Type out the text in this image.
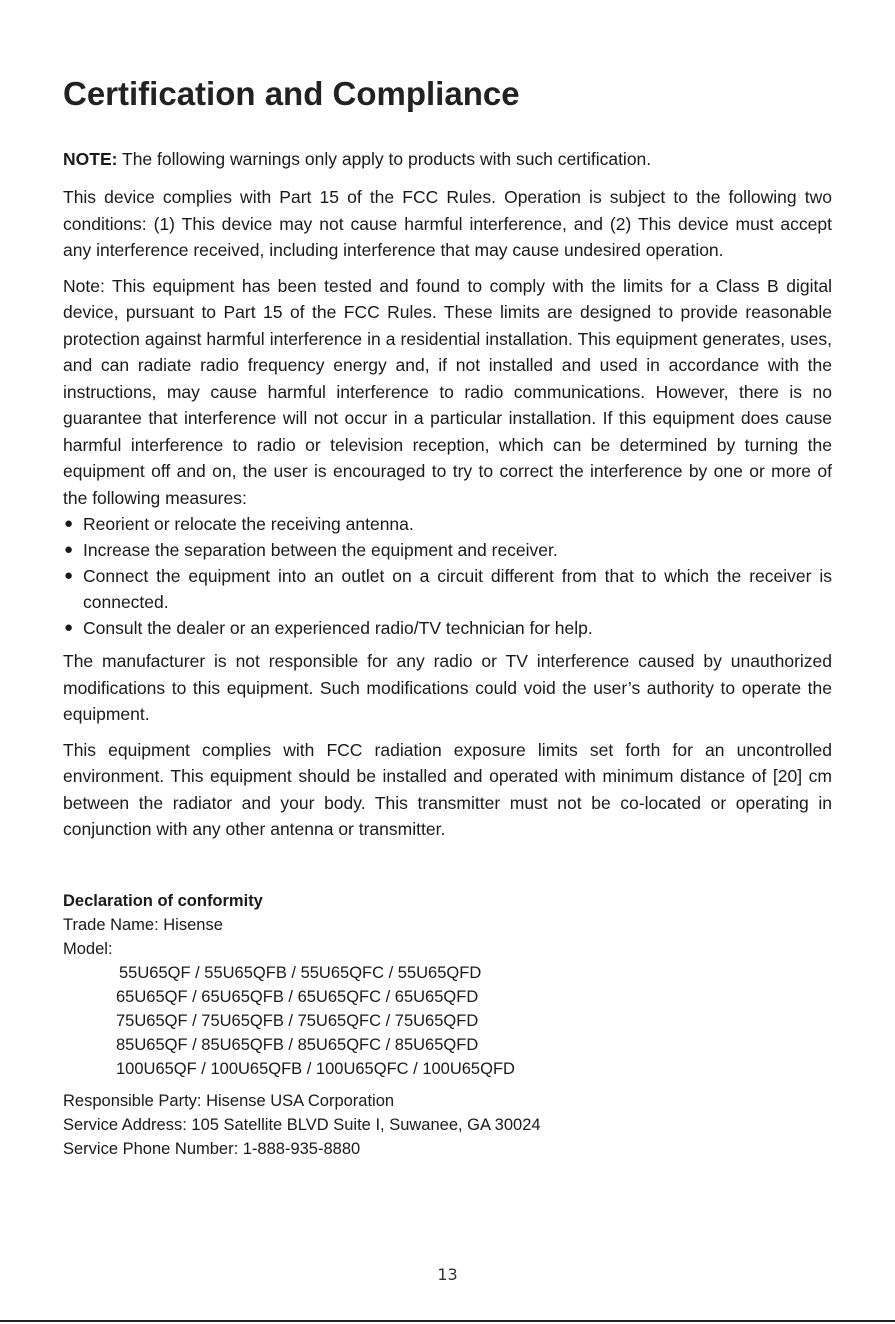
Certification and Compliance

NOTE: The following warnings only apply to products with such certification.

This device complies with Part 15 of the FCC Rules. Operation is subject to the following two conditions: (1) This device may not cause harmful interference, and (2) This device must accept any interference received, including interference that may cause undesired operation.

Note: This equipment has been tested and found to comply with the limits for a Class B digital device, pursuant to Part 15 of the FCC Rules. These limits are designed to provide reasonable protection against harmful interference in a residential installation. This equipment generates, uses, and can radiate radio frequency energy and, if not installed and used in accordance with the instructions, may cause harmful interference to radio communications. However, there is no guarantee that interference will not occur in a particular installation. If this equipment does cause harmful interference to radio or television reception, which can be determined by turning the equipment off and on, the user is encouraged to try to correct the interference by one or more of the following measures:

● Reorient or relocate the receiving antenna.
● Increase the separation between the equipment and receiver.
● Connect the equipment into an outlet on a circuit different from that to which the receiver is connected.
● Consult the dealer or an experienced radio/TV technician for help.

The manufacturer is not responsible for any radio or TV interference caused by unauthorized modifications to this equipment. Such modifications could void the user’s authority to operate the equipment.

This equipment complies with FCC radiation exposure limits set forth for an uncontrolled environment. This equipment should be installed and operated with minimum distance of [20] cm between the radiator and your body. This transmitter must not be co-located or operating in conjunction with any other antenna or transmitter.

Declaration of conformity

Trade Name: Hisense

Model:

55U65QF / 55U65QFB / 55U65QFC / 55U65QFD
65U65QF / 65U65QFB / 65U65QFC / 65U65QFD
75U65QF / 75U65QFB / 75U65QFC / 75U65QFD
85U65QF / 85U65QFB / 85U65QFC / 85U65QFD
100U65QF / 100U65QFB / 100U65QFC / 100U65QFD

Responsible Party: Hisense USA Corporation

Service Address: 105 Satellite BLVD Suite I, Suwanee, GA 30024

Service Phone Number: 1-888-935-8880

13
